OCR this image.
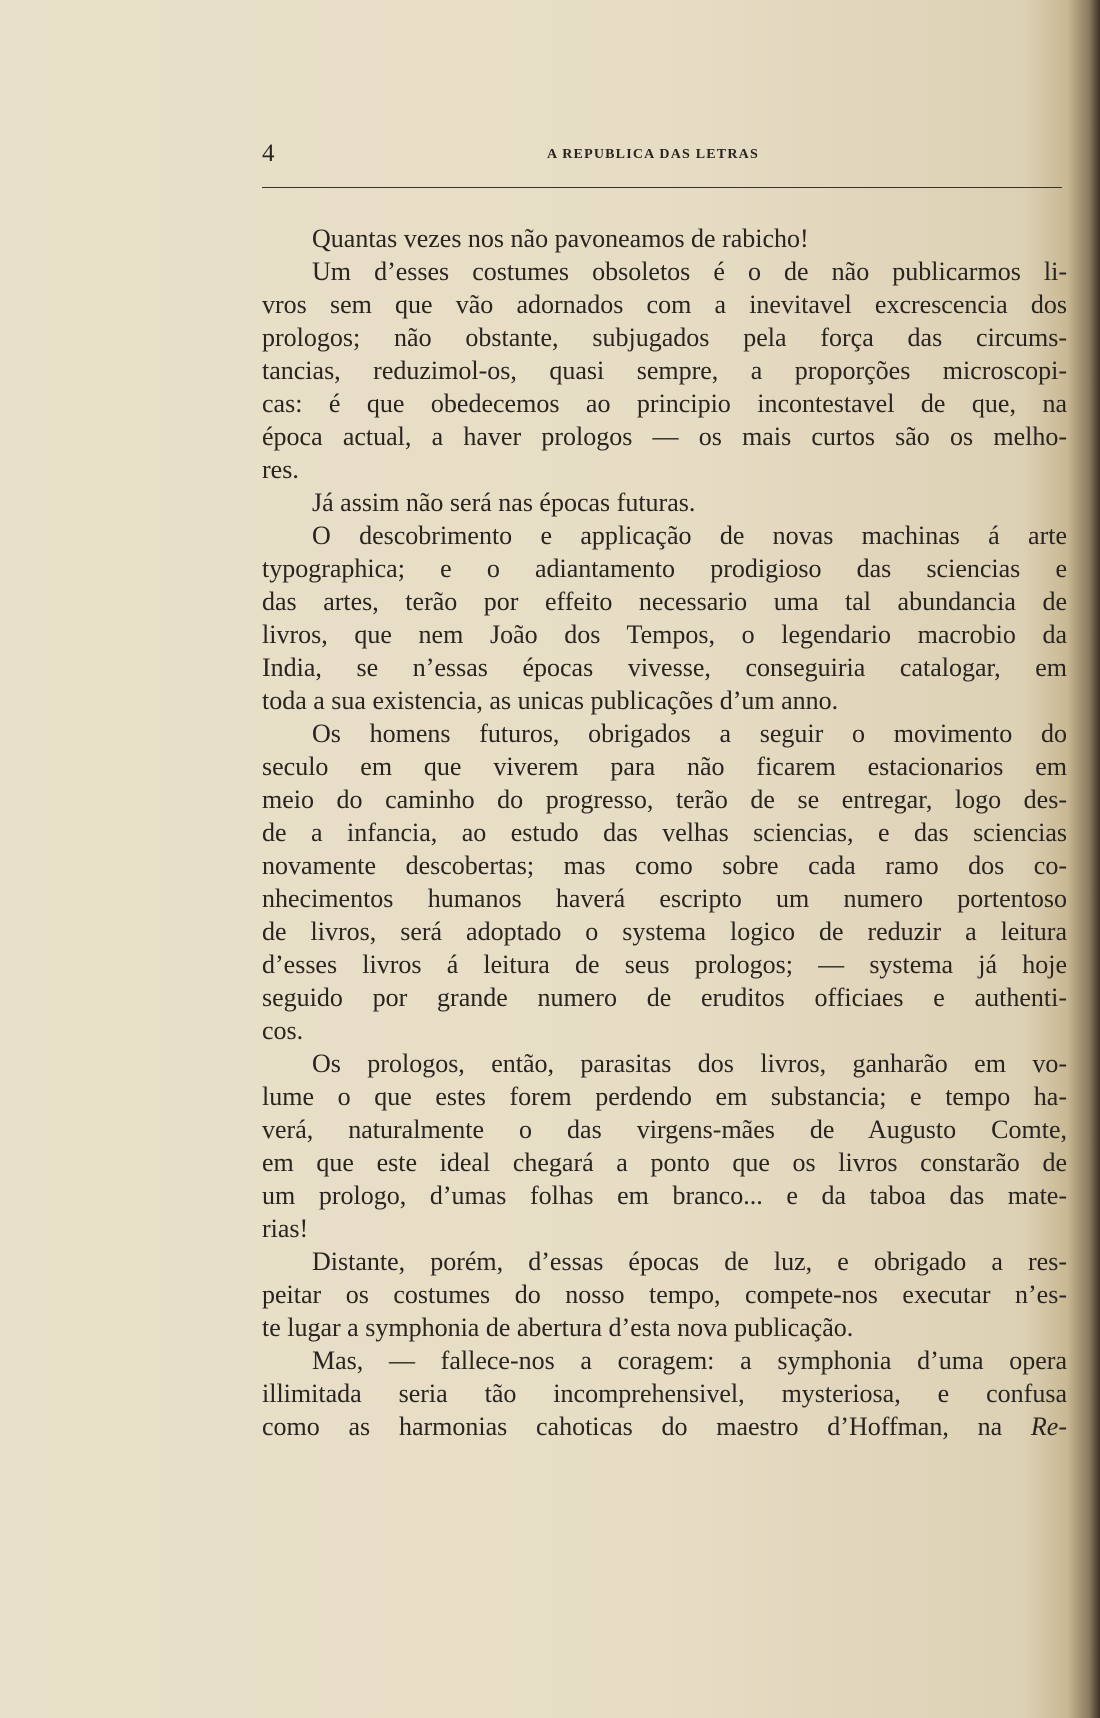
4	A REPUBLICA DAS LETRAS
Quantas vezes nos não pavoneamos de rabicho!
Um d’esses costumes obsoletos é o de não publicarmos li-
vros sem que vão adornados com a inevitavel excrescencia dos
prologos; não obstante, subjugados pela força das circums-
tancias, reduzimol-os, quasi sempre, a proporções microscopi-
cas: é que obedecemos ao principio incontestavel de que, na
época actual, a haver prologos — os mais curtos são os melho-
res.
Já assim não será nas épocas futuras.
O descobrimento e applicação de novas machinas á arte
typographica; e o adiantamento prodigioso das sciencias e
das artes, terão por effeito necessario uma tal abundancia de
livros, que nem João dos Tempos, o legendario macrobio da
India, se n’essas épocas vivesse, conseguiria catalogar, em
toda a sua existencia, as unicas publicações d’um anno.
Os homens futuros, obrigados a seguir o movimento do
seculo em que viverem para não ficarem estacionarios em
meio do caminho do progresso, terão de se entregar, logo des-
de a infancia, ao estudo das velhas sciencias, e das sciencias
novamente descobertas; mas como sobre cada ramo dos co-
nhecimentos humanos haverá escripto um numero portentoso
de livros, será adoptado o systema logico de reduzir a leitura
d’esses livros á leitura de seus prologos; — systema já hoje
seguido por grande numero de eruditos officiaes e authenti-
cos.
Os prologos, então, parasitas dos livros, ganharão em vo-
lume o que estes forem perdendo em substancia; e tempo ha-
verá, naturalmente o das virgens-mães de Augusto Comte,
em que este ideal chegará a ponto que os livros constarão de
um prologo, d’umas folhas em branco... e da taboa das mate-
rias!
Distante, porém, d’essas épocas de luz, e obrigado a res-
peitar os costumes do nosso tempo, compete-nos executar n’es-
te lugar a symphonia de abertura d’esta nova publicação.
Mas, — fallece-nos a coragem: a symphonia d’uma opera
illimitada seria tão incomprehensivel, mysteriosa, e confusa
como as harmonias cahoticas do maestro d’Hoffman, na Re-
